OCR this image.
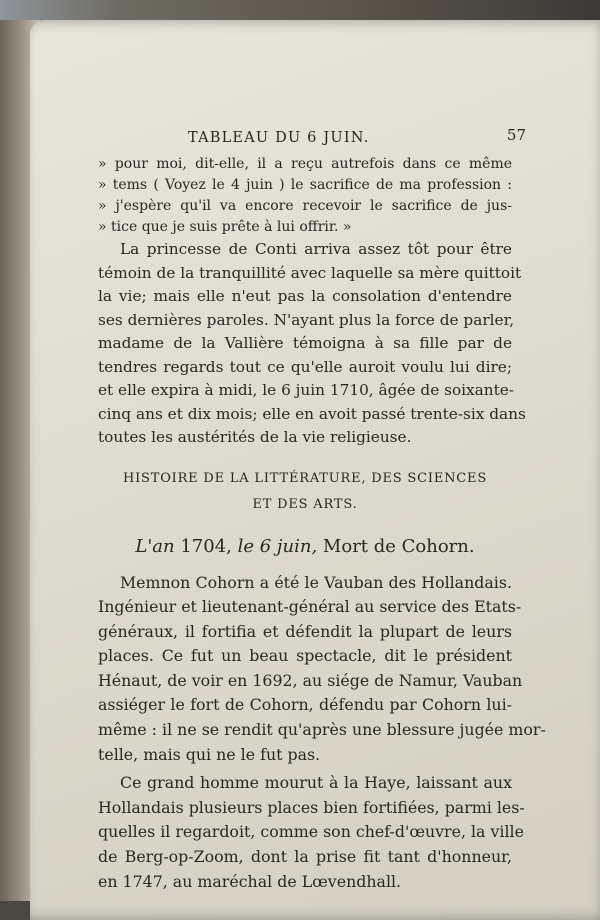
TABLEAU DU 6 JUIN.	57
» pour moi, dit-elle, il a reçu autrefois dans ce même
» tems ( Voyez le 4 juin ) le sacrifice de ma profession :
» j'espère qu'il va encore recevoir le sacrifice de jus-
» tice que je suis prête à lui offrir. »
La princesse de Conti arriva assez tôt pour être
témoin de la tranquillité avec laquelle sa mère quittoit
la vie; mais elle n'eut pas la consolation d'entendre
ses dernières paroles. N'ayant plus la force de parler,
madame de la Vallière témoigna à sa fille par de
tendres regards tout ce qu'elle auroit voulu lui dire;
et elle expira à midi, le 6 juin 1710, âgée de soixante-
cinq ans et dix mois; elle en avoit passé trente-six dans
toutes les austérités de la vie religieuse.
HISTOIRE DE LA LITTÉRATURE, DES SCIENCES
ET DES ARTS.
L'an 1704, le 6 juin, Mort de Cohorn.
Memnon Cohorn a été le Vauban des Hollandais.
Ingénieur et lieutenant-général au service des Etats-
généraux, il fortifia et défendit la plupart de leurs
places. Ce fut un beau spectacle, dit le président
Hénaut, de voir en 1692, au siége de Namur, Vauban
assiéger le fort de Cohorn, défendu par Cohorn lui-
même : il ne se rendit qu'après une blessure jugée mor-
telle, mais qui ne le fut pas.
Ce grand homme mourut à la Haye, laissant aux
Hollandais plusieurs places bien fortifiées, parmi les-
quelles il regardoit, comme son chef-d'œuvre, la ville
de Berg-op-Zoom, dont la prise fit tant d'honneur,
en 1747, au maréchal de Lœvendhall.
